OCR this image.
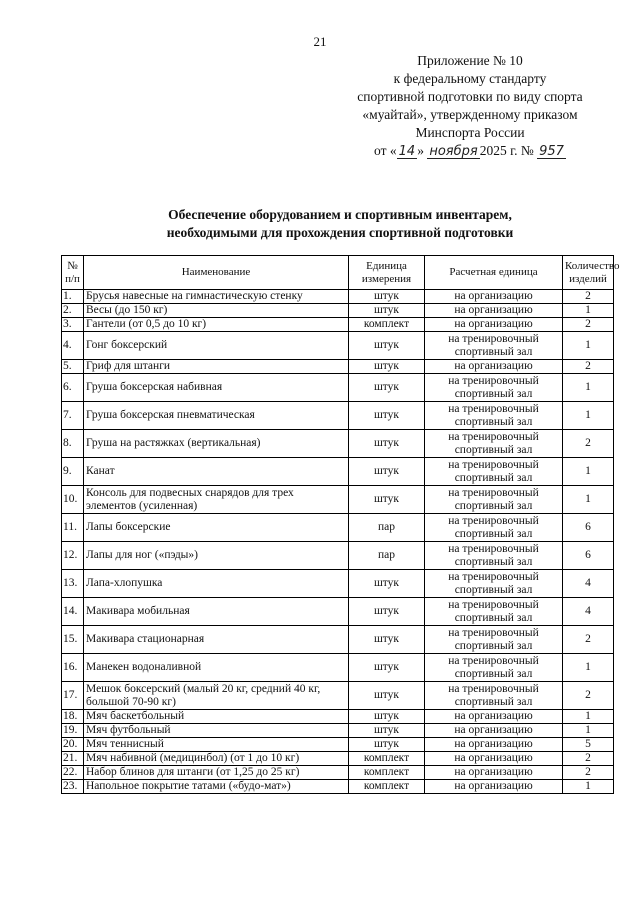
21
Приложение № 10
к федеральному стандарту
спортивной подготовки по виду спорта
«муайтай», утвержденному приказом
Минспорта России
от « 14 » ноября 2025 г. № 957
Обеспечение оборудованием и спортивным инвентарем,
необходимыми для прохождения спортивной подготовки
№ п/п	Наименование	Единица измерения	Расчетная единица	Количество изделий
1.	Брусья навесные на гимнастическую стенку	штук	на организацию	2
2.	Весы (до 150 кг)	штук	на организацию	1
3.	Гантели (от 0,5 до 10 кг)	комплект	на организацию	2
4.	Гонг боксерский	штук	на тренировочный спортивный зал	1
5.	Гриф для штанги	штук	на организацию	2
6.	Груша боксерская набивная	штук	на тренировочный спортивный зал	1
7.	Груша боксерская пневматическая	штук	на тренировочный спортивный зал	1
8.	Груша на растяжках (вертикальная)	штук	на тренировочный спортивный зал	2
9.	Канат	штук	на тренировочный спортивный зал	1
10.	Консоль для подвесных снарядов для трех элементов (усиленная)	штук	на тренировочный спортивный зал	1
11.	Лапы боксерские	пар	на тренировочный спортивный зал	6
12.	Лапы для ног («пэды»)	пар	на тренировочный спортивный зал	6
13.	Лапа-хлопушка	штук	на тренировочный спортивный зал	4
14.	Макивара мобильная	штук	на тренировочный спортивный зал	4
15.	Макивара стационарная	штук	на тренировочный спортивный зал	2
16.	Манекен водоналивной	штук	на тренировочный спортивный зал	1
17.	Мешок боксерский (малый 20 кг, средний 40 кг, большой 70-90 кг)	штук	на тренировочный спортивный зал	2
18.	Мяч баскетбольный	штук	на организацию	1
19.	Мяч футбольный	штук	на организацию	1
20.	Мяч теннисный	штук	на организацию	5
21.	Мяч набивной (медицинбол) (от 1 до 10 кг)	комплект	на организацию	2
22.	Набор блинов для штанги (от 1,25 до 25 кг)	комплект	на организацию	2
23.	Напольное покрытие татами («будо-мат»)	комплект	на организацию	1
